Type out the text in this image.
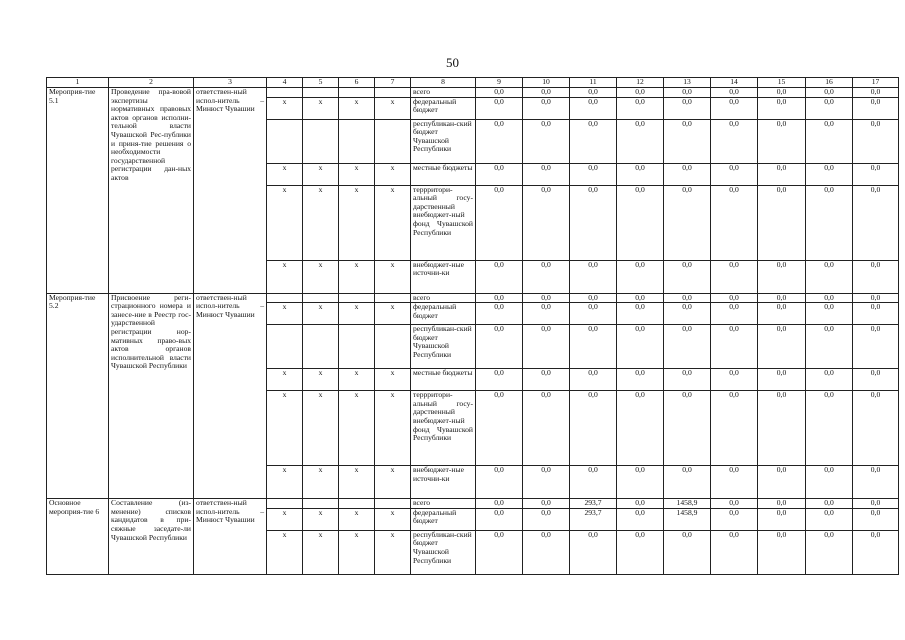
50
1	2	3	4	5	6	7	8	9	10	11	12	13	14	15	16	17
Мероприя-тие 5.1	Проведение пра-вовой экспертизы нормативных правовых актов органов исполни-тельной власти Чувашской Рес-публики и приня-тие решения о необходимости государственной регистрации дан-ных актов	ответствен-ный испол-нитель – Минюст Чувашии					всего	0,0	0,0	0,0	0,0	0,0	0,0	0,0	0,0	0,0
			x	x	x	x	федеральный бюджет	0,0	0,0	0,0	0,0	0,0	0,0	0,0	0,0	0,0
							республикан-ский бюджет Чувашской Республики	0,0	0,0	0,0	0,0	0,0	0,0	0,0	0,0	0,0
			x	x	x	x	местные бюджеты	0,0	0,0	0,0	0,0	0,0	0,0	0,0	0,0	0,0
			x	x	x	x	террритори-альный госу-дарственный внебюджет-ный фонд Чувашской Республики	0,0	0,0	0,0	0,0	0,0	0,0	0,0	0,0	0,0
			x	x	x	x	внебюджет-ные источни-ки	0,0	0,0	0,0	0,0	0,0	0,0	0,0	0,0	0,0
Мероприя-тие 5.2	Присвоение реги-страционного номера и занесе-ние в Реестр гос-ударственной регистрации нор-мативных право-вых актов органов исполнительной власти Чувашской Республики	ответствен-ный испол-нитель – Минюст Чувашии					всего	0,0	0,0	0,0	0,0	0,0	0,0	0,0	0,0	0,0
			x	x	x	x	федеральный бюджет	0,0	0,0	0,0	0,0	0,0	0,0	0,0	0,0	0,0
							республикан-ский бюджет Чувашской Республики	0,0	0,0	0,0	0,0	0,0	0,0	0,0	0,0	0,0
			x	x	x	x	местные бюджеты	0,0	0,0	0,0	0,0	0,0	0,0	0,0	0,0	0,0
			x	x	x	x	террритори-альный госу-дарственный внебюджет-ный фонд Чувашской Республики	0,0	0,0	0,0	0,0	0,0	0,0	0,0	0,0	0,0
			x	x	x	x	внебюджет-ные источни-ки	0,0	0,0	0,0	0,0	0,0	0,0	0,0	0,0	0,0
Основное мероприя-тие 6	Составление (из-менение) списков кандидатов в при-сяжные заседате-ли Чувашской Республики	ответствен-ный испол-нитель – Минюст Чувашии					всего	0,0	0,0	293,7	0,0	1458,9	0,0	0,0	0,0	0,0
			x	x	x	x	федеральный бюджет	0,0	0,0	293,7	0,0	1458,9	0,0	0,0	0,0	0,0
			x	x	x	x	республикан-ский бюджет Чувашской Республики	0,0	0,0	0,0	0,0	0,0	0,0	0,0	0,0	0,0
